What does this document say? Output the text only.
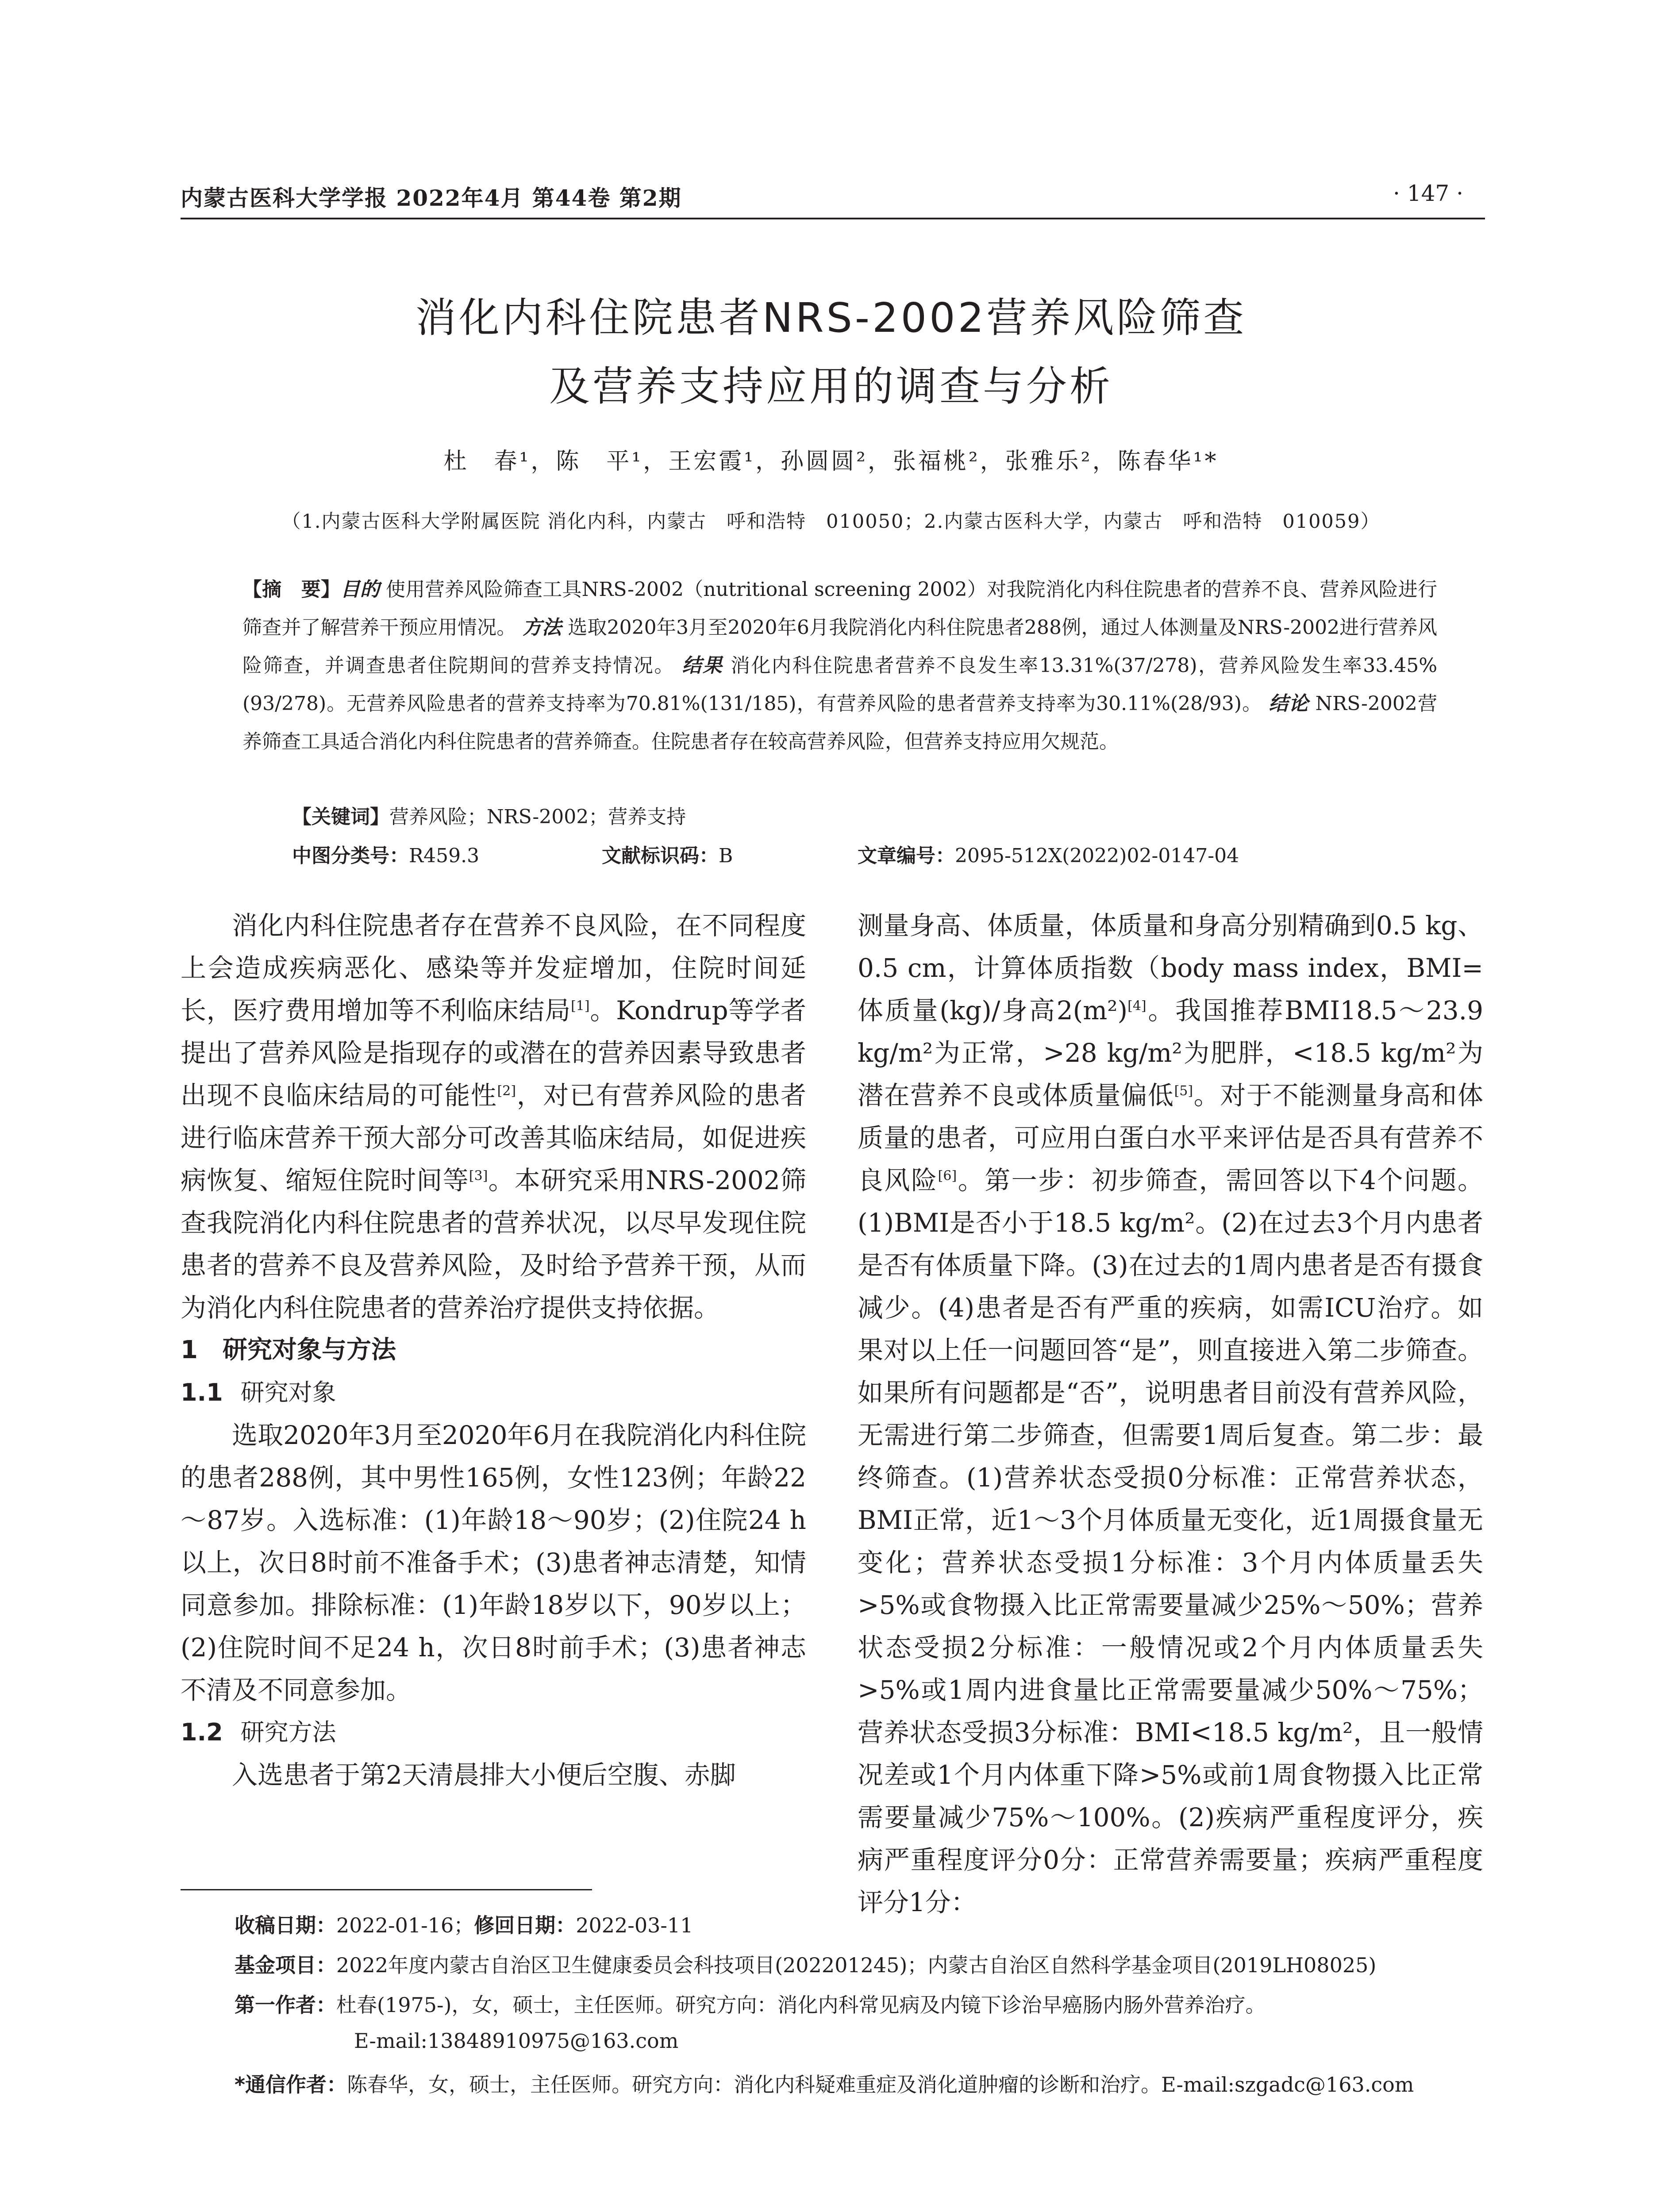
内蒙古医科大学学报 2022年4月 第44卷 第2期	· 147 ·
消化内科住院患者NRS-2002营养风险筛查
及营养支持应用的调查与分析
杜　春¹，陈　平¹，王宏霞¹，孙圆圆²，张福桃²，张雅乐²，陈春华¹*
（1.内蒙古医科大学附属医院 消化内科，内蒙古　呼和浩特　010050；2.内蒙古医科大学，内蒙古　呼和浩特　010059）
【摘　要】目的 使用营养风险筛查工具NRS-2002（nutritional screening 2002）对我院消化内科住院患者的营养不良、营养风险进行筛查并了解营养干预应用情况。 方法 选取2020年3月至2020年6月我院消化内科住院患者288例，通过人体测量及NRS-2002进行营养风险筛查，并调查患者住院期间的营养支持情况。 结果 消化内科住院患者营养不良发生率13.31%(37/278)，营养风险发生率33.45%(93/278)。无营养风险患者的营养支持率为70.81%(131/185)，有营养风险的患者营养支持率为30.11%(28/93)。 结论 NRS-2002营养筛查工具适合消化内科住院患者的营养筛查。住院患者存在较高营养风险，但营养支持应用欠规范。
【关键词】营养风险；NRS-2002；营养支持
中图分类号：R459.3	文献标识码：B	文章编号：2095-512X(2022)02-0147-04

消化内科住院患者存在营养不良风险，在不同程度上会造成疾病恶化、感染等并发症增加，住院时间延长，医疗费用增加等不利临床结局[1]。Kondrup等学者提出了营养风险是指现存的或潜在的营养因素导致患者出现不良临床结局的可能性[2]，对已有营养风险的患者进行临床营养干预大部分可改善其临床结局，如促进疾病恢复、缩短住院时间等[3]。本研究采用NRS-2002筛查我院消化内科住院患者的营养状况，以尽早发现住院患者的营养不良及营养风险，及时给予营养干预，从而为消化内科住院患者的营养治疗提供支持依据。

1　研究对象与方法

1.1 研究对象

选取2020年3月至2020年6月在我院消化内科住院的患者288例，其中男性165例，女性123例；年龄22～87岁。入选标准：(1)年龄18～90岁；(2)住院24 h以上，次日8时前不准备手术；(3)患者神志清楚，知情同意参加。排除标准：(1)年龄18岁以下，90岁以上；(2)住院时间不足24 h，次日8时前手术；(3)患者神志不清及不同意参加。

1.2 研究方法

入选患者于第2天清晨排大小便后空腹、赤脚

测量身高、体质量，体质量和身高分别精确到0.5 kg、0.5 cm，计算体质指数（body mass index，BMI=体质量(kg)/身高2(m²)[4]。我国推荐BMI18.5～23.9 kg/m²为正常，>28 kg/m²为肥胖，<18.5 kg/m²为潜在营养不良或体质量偏低[5]。对于不能测量身高和体质量的患者，可应用白蛋白水平来评估是否具有营养不良风险[6]。第一步：初步筛查，需回答以下4个问题。(1)BMI是否小于18.5 kg/m²。(2)在过去3个月内患者是否有体质量下降。(3)在过去的1周内患者是否有摄食减少。(4)患者是否有严重的疾病，如需ICU治疗。如果对以上任一问题回答“是”，则直接进入第二步筛查。如果所有问题都是“否”，说明患者目前没有营养风险，无需进行第二步筛查，但需要1周后复查。第二步：最终筛查。(1)营养状态受损0分标准：正常营养状态，BMI正常，近1～3个月体质量无变化，近1周摄食量无变化；营养状态受损1分标准：3个月内体质量丢失>5%或食物摄入比正常需要量减少25%～50%；营养状态受损2分标准：一般情况或2个月内体质量丢失>5%或1周内进食量比正常需要量减少50%～75%；营养状态受损3分标准：BMI<18.5 kg/m²，且一般情况差或1个月内体重下降>5%或前1周食物摄入比正常需要量减少75%～100%。(2)疾病严重程度评分，疾病严重程度评分0分：正常营养需要量；疾病严重程度评分1分：

收稿日期：2022-01-16；修回日期：2022-03-11
基金项目：2022年度内蒙古自治区卫生健康委员会科技项目(202201245)；内蒙古自治区自然科学基金项目(2019LH08025)
第一作者：杜春(1975-)，女，硕士，主任医师。研究方向：消化内科常见病及内镜下诊治早癌肠内肠外营养治疗。
E-mail:13848910975@163.com
*通信作者：陈春华，女，硕士，主任医师。研究方向：消化内科疑难重症及消化道肿瘤的诊断和治疗。E-mail:szgadc@163.com
